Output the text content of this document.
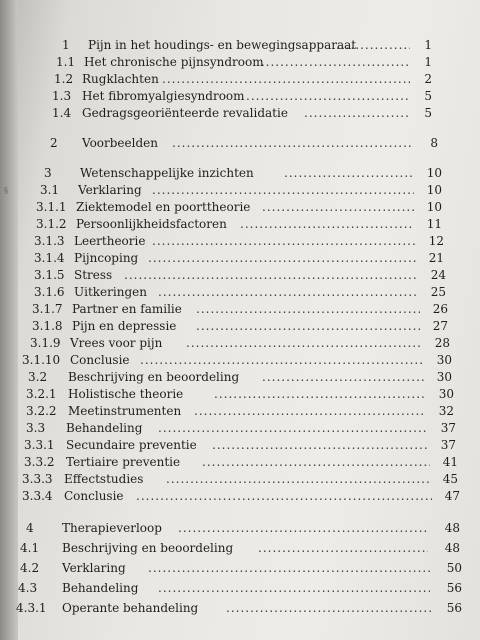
§
1 Pijn in het houdings- en bewegingsapparaat .....	1
1.1 Het chronische pijnsyndroom .....	1
1.2 Rugklachten .....	2
1.3 Het fibromyalgiesyndroom .....	5
1.4 Gedragsgeoriënteerde revalidatie .....	5
2 Voorbeelden .....	8
3 Wetenschappelijke inzichten .....	10
3.1 Verklaring .....	10
3.1.1 Ziektemodel en poorttheorie .....	10
3.1.2 Persoonlijkheidsfactoren .....	11
3.1.3 Leertheorie .....	12
3.1.4 Pijncoping .....	21
3.1.5 Stress .....	24
3.1.6 Uitkeringen .....	25
3.1.7 Partner en familie .....	26
3.1.8 Pijn en depressie .....	27
3.1.9 Vrees voor pijn .....	28
3.1.10 Conclusie .....	30
3.2 Beschrijving en beoordeling .....	30
3.2.1 Holistische theorie .....	30
3.2.2 Meetinstrumenten .....	32
3.3 Behandeling .....	37
3.3.1 Secundaire preventie .....	37
3.3.2 Tertiaire preventie .....	41
3.3.3 Effectstudies .....	45
3.3.4 Conclusie .....	47
4 Therapieverloop .....	48
4.1 Beschrijving en beoordeling .....	48
4.2 Verklaring .....	50
4.3 Behandeling .....	56
4.3.1 Operante behandeling .....	56
